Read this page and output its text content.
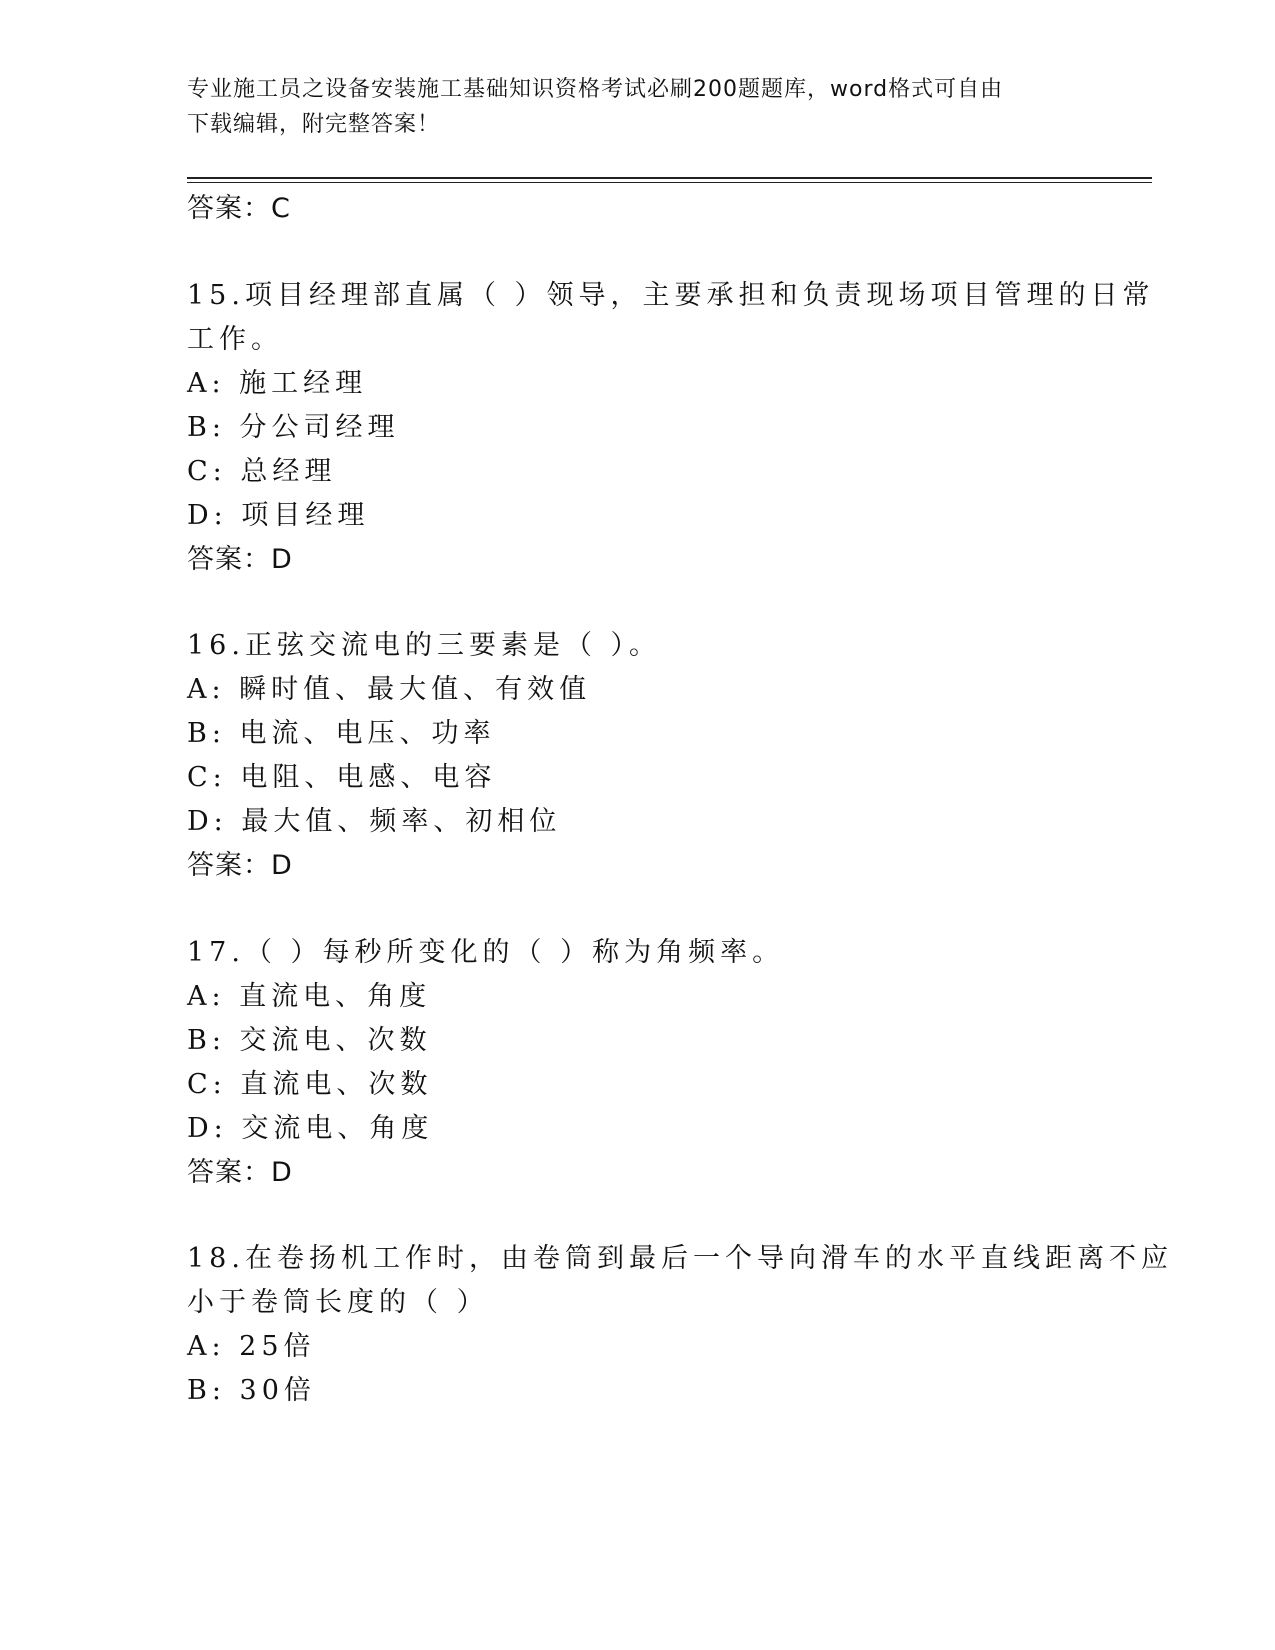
专业施工员之设备安装施工基础知识资格考试必刷200题题库，word格式可自由
下载编辑，附完整答案！
答案：C
15.项目经理部直属（ ）领导，主要承担和负责现场项目管理的日常
工作。
A: 施工经理
B: 分公司经理
C: 总经理
D: 项目经理
答案：D
16.正弦交流电的三要素是（ ）。
A: 瞬时值、最大值、有效值
B: 电流、电压、功率
C: 电阻、电感、电容
D: 最大值、频率、初相位
答案：D
17.（ ）每秒所变化的（ ）称为角频率。
A: 直流电、角度
B: 交流电、次数
C: 直流电、次数
D: 交流电、角度
答案：D
18.在卷扬机工作时，由卷筒到最后一个导向滑车的水平直线距离不应
小于卷筒长度的（ ）
A: 25倍
B: 30倍
